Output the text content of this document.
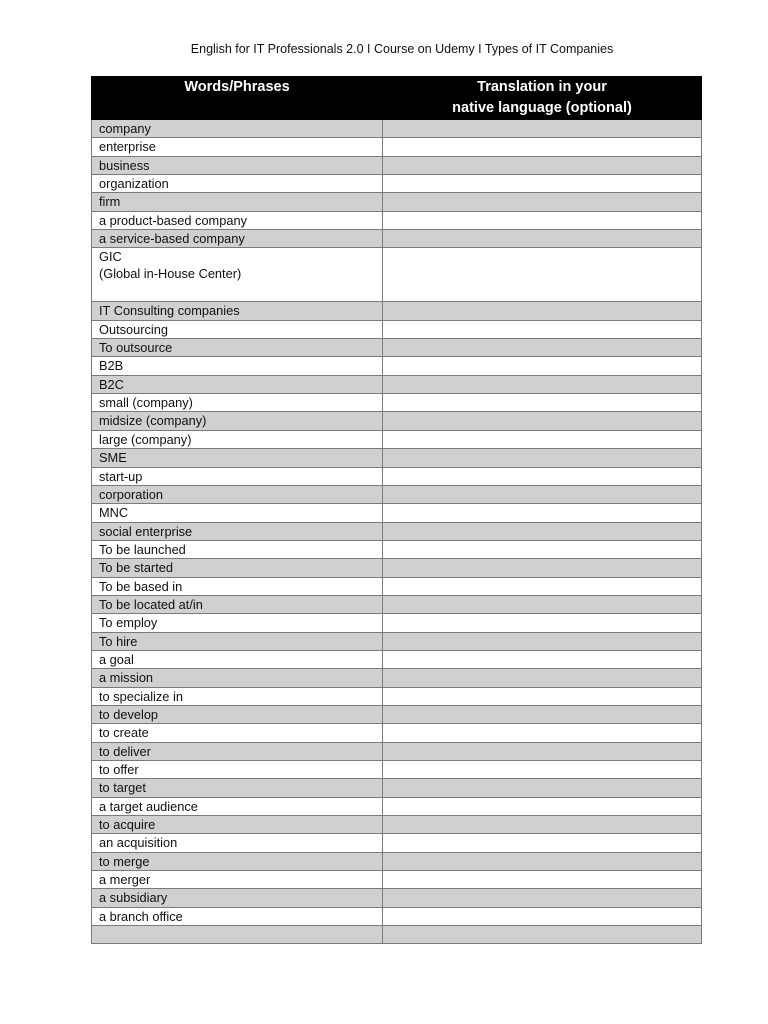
English for IT Professionals 2.0 I Course on Udemy I Types of IT Companies
Words/Phrases	Translation in your
native language (optional)

company	
enterprise	
business	
organization	
firm	
a product-based company	
a service-based company	

GIC
(Global in-House Center)	

IT Consulting companies	
Outsourcing	
To outsource	
B2B	
B2C	
small (company)	
midsize (company)	
large (company)	
SME	
start-up	
corporation	
MNC	
social enterprise	
To be launched	
To be started	
To be based in	
To be located at/in	
To employ	
To hire	
a goal	
a mission	
to specialize in	
to develop	
to create	
to deliver	
to offer	
to target	
a target audience	
to acquire	
an acquisition	
to merge	
a merger	
a subsidiary	
a branch office	
